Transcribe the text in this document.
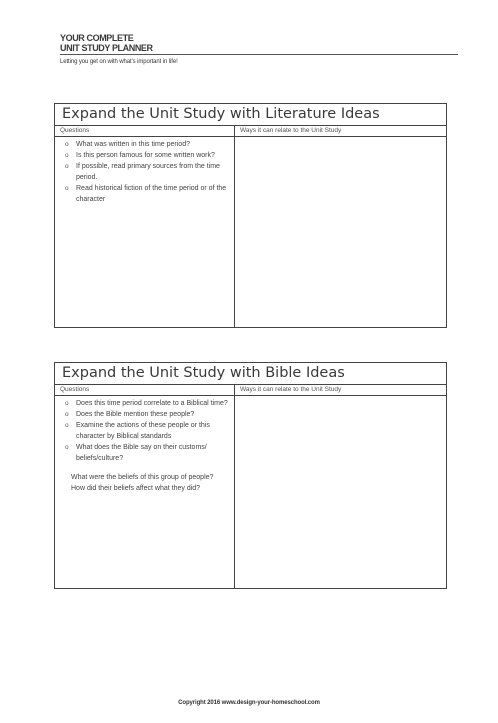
YOUR COMPLETE
UNIT STUDY PLANNER
Letting you get on with what's important in life!
Expand the Unit Study with Literature Ideas
Questions
o What was written in this time period?
o Is this person famous for some written work?
o If possible, read primary sources from the time period.
o Read historical fiction of the time period or of the character
Ways it can relate to the Unit Study
Expand the Unit Study with Bible Ideas
Questions
o Does this time period correlate to a Biblical time?
o Does the Bible mention these people?
o Examine the actions of these people or this character by Biblical standards
o What does the Bible say on their customs/ beliefs/culture?
What were the beliefs of this group of people? How did their beliefs affect what they did?
Ways it can relate to the Unit Study
Copyright 2016 www.design-your-homeschool.com
